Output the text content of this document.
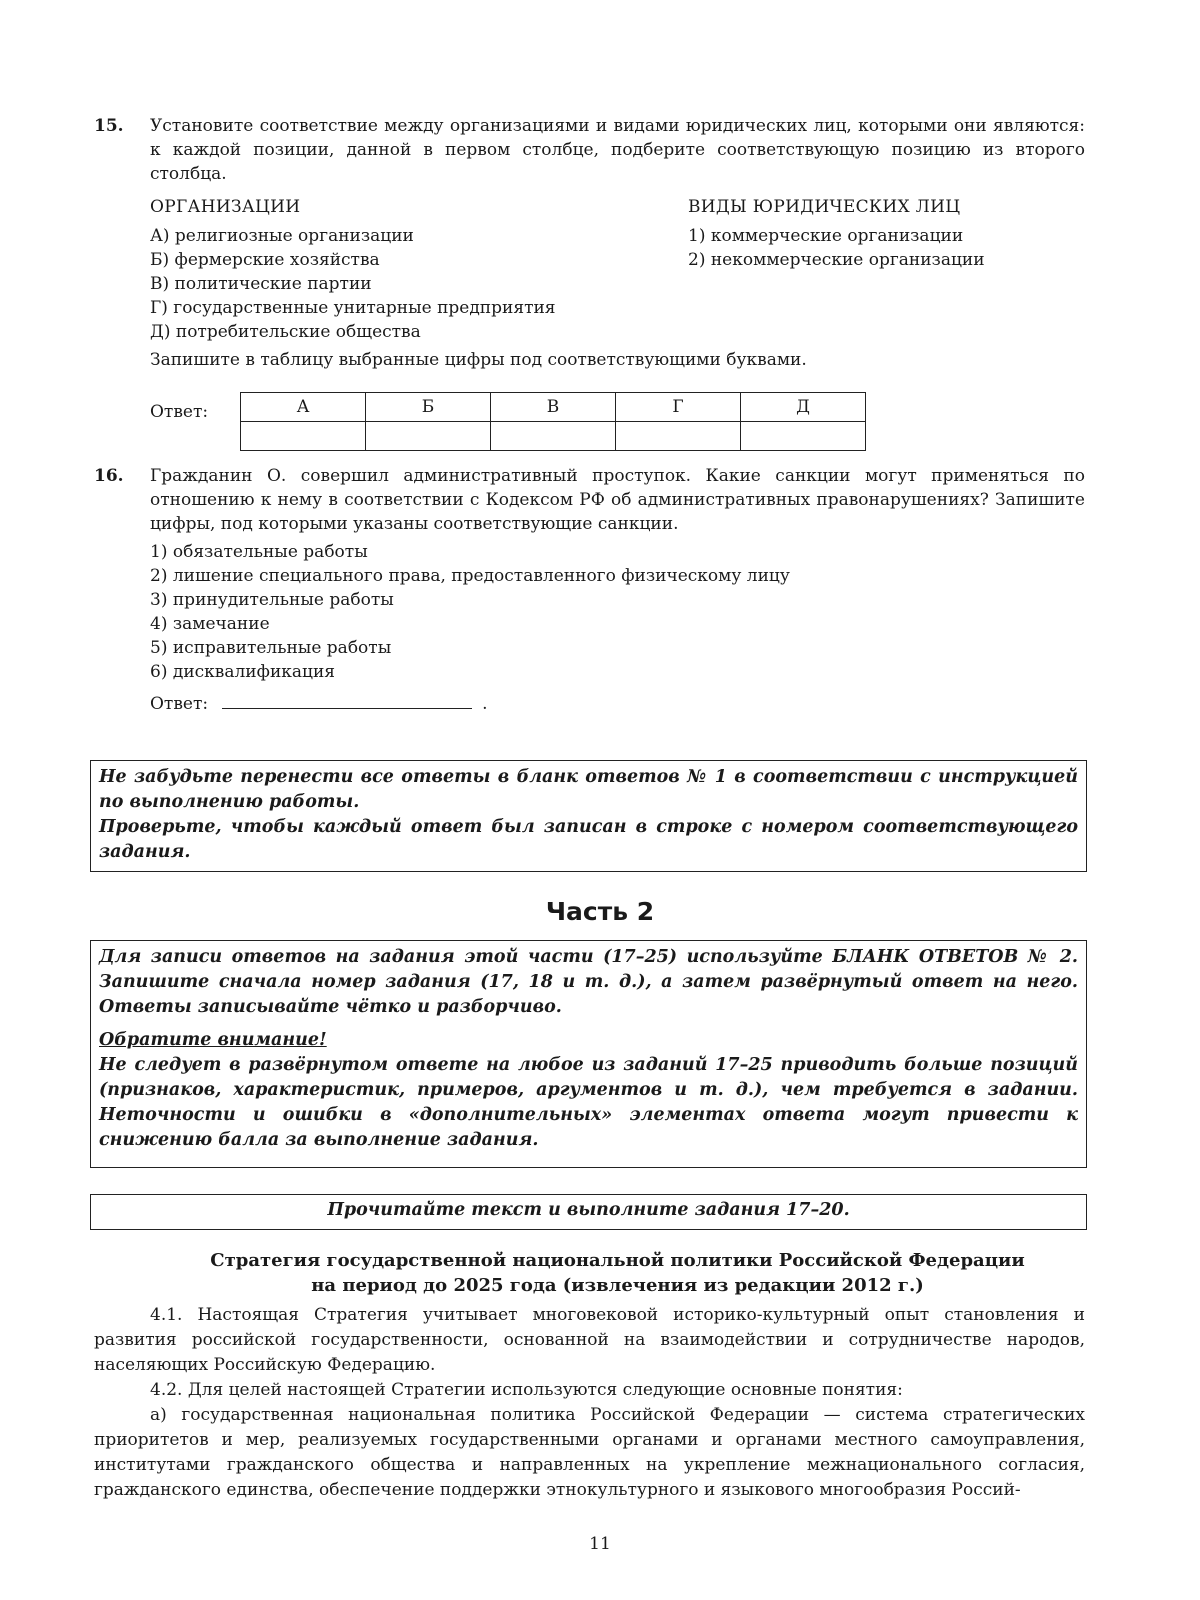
15. Установите соответствие между организациями и видами юридических лиц, которыми они являются: к каждой позиции, данной в первом столбце, подберите соответствующую позицию из второго столбца.
ОРГАНИЗАЦИИ	ВИДЫ ЮРИДИЧЕСКИХ ЛИЦ
А) религиозные организации
Б) фермерские хозяйства
В) политические партии
Г) государственные унитарные предприятия
Д) потребительские общества
1) коммерческие организации
2) некоммерческие организации
Запишите в таблицу выбранные цифры под соответствующими буквами.
Ответ:	А	Б	В	Г	Д

16. Гражданин О. совершил административный проступок. Какие санкции могут применяться по отношению к нему в соответствии с Кодексом РФ об административных правонарушениях? Запишите цифры, под которыми указаны соответствующие санкции.
1) обязательные работы
2) лишение специального права, предоставленного физическому лицу
3) принудительные работы
4) замечание
5) исправительные работы
6) дисквалификация
Ответ:	.

Не забудьте перенести все ответы в бланк ответов № 1 в соответствии с инструкцией по выполнению работы.

Проверьте, чтобы каждый ответ был записан в строке с номером соответствующего задания.

Часть 2

Для записи ответов на задания этой части (17–25) используйте БЛАНК ОТВЕТОВ № 2. Запишите сначала номер задания (17, 18 и т. д.), а затем развёрнутый ответ на него. Ответы записывайте чётко и разборчиво.

Обратите внимание!

Не следует в развёрнутом ответе на любое из заданий 17–25 приводить больше позиций (признаков, характеристик, примеров, аргументов и т. д.), чем требуется в задании. Неточности и ошибки в «дополнительных» элементах ответа могут привести к снижению балла за выполнение задания.

Прочитайте текст и выполните задания 17–20.
Стратегия государственной национальной политики Российской Федерации
на период до 2025 года (извлечения из редакции 2012 г.)
4.1. Настоящая Стратегия учитывает многовековой историко-культурный опыт становления и развития российской государственности, основанной на взаимодействии и сотрудничестве народов, населяющих Российскую Федерацию.
4.2. Для целей настоящей Стратегии используются следующие основные понятия:
а) государственная национальная политика Российской Федерации — система стратегических приоритетов и мер, реализуемых государственными органами и органами местного самоуправления, институтами гражданского общества и направленных на укрепление межнационального согласия, гражданского единства, обеспечение поддержки этнокультурного и языкового многообразия Россий-
11
